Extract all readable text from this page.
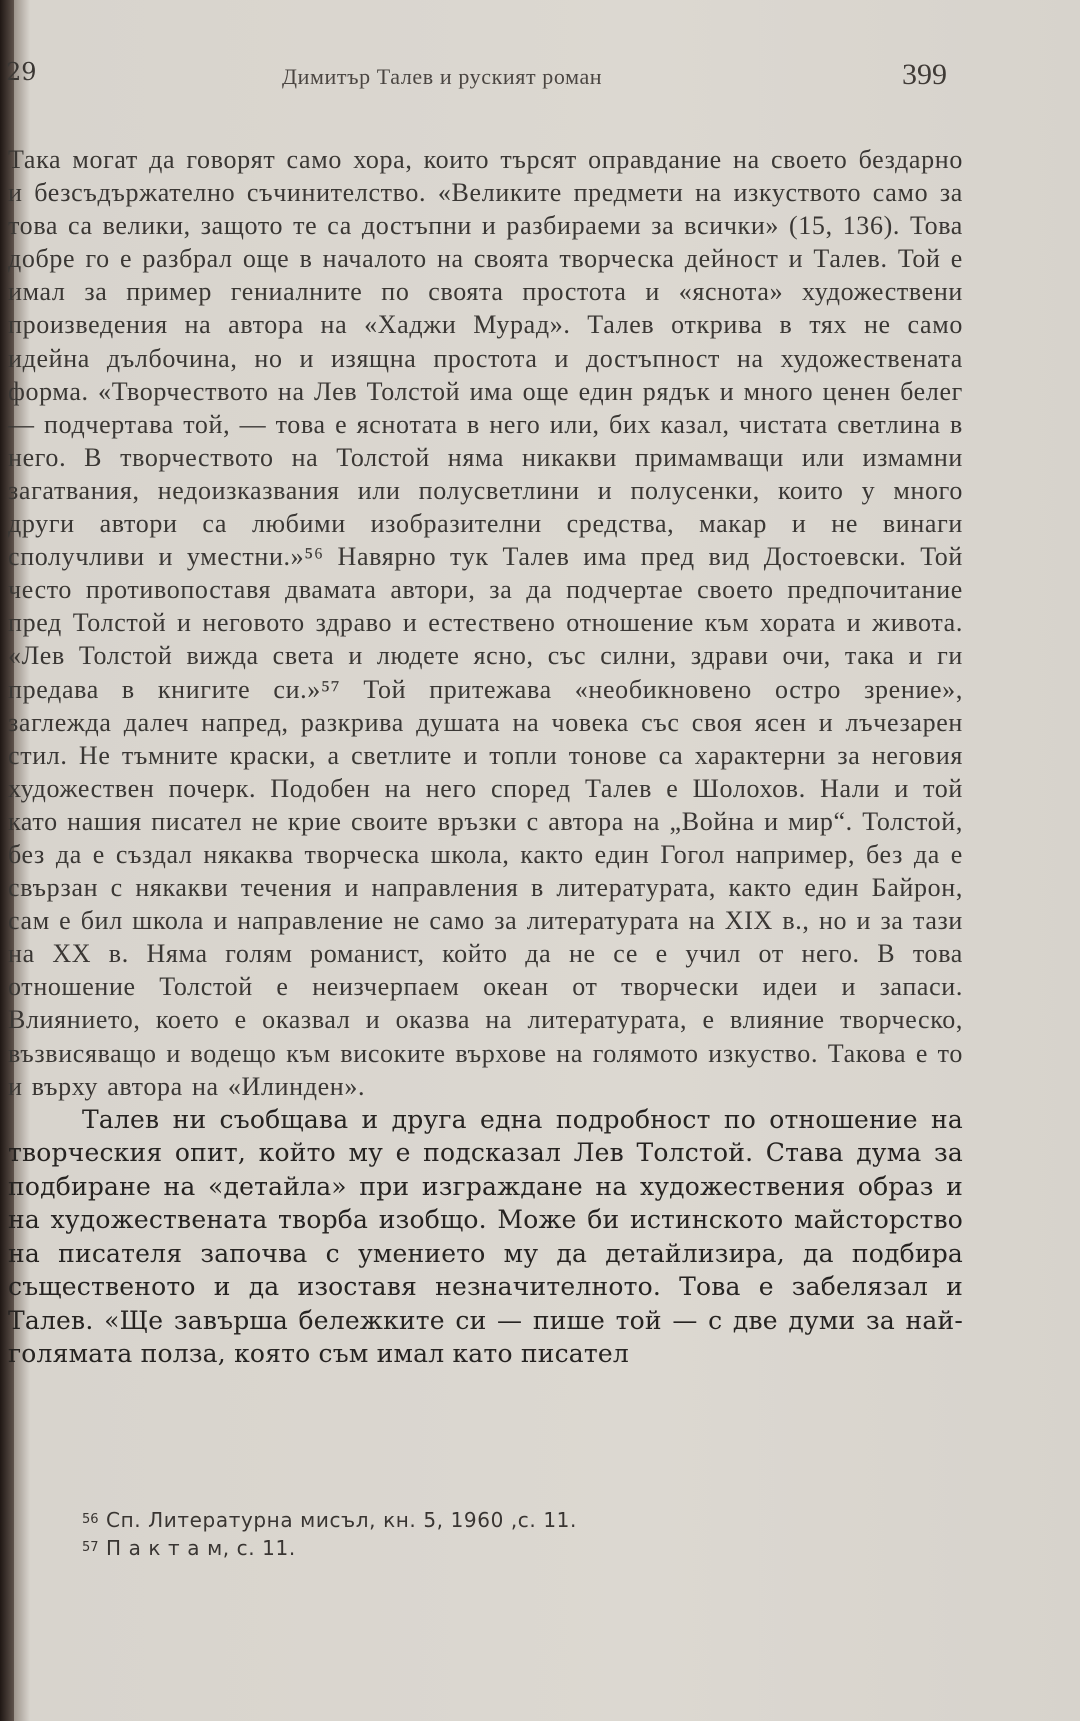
29	Димитър Талев и руският роман	399

Така могат да говорят само хора, които търсят оправдание на своето бездарно и безсъдържателно съчинителство. «Великите предмети на изкуството само за това са велики, защото те са достъпни и разбираеми за всички» (15, 136). Това добре го е разбрал още в началото на своята творческа дейност и Талев. Той е имал за пример гениалните по своята простота и «яснота» художествени произведения на автора на «Хаджи Мурад». Талев открива в тях не само идейна дълбочина, но и изящна простота и достъпност на художествената форма. «Творчеството на Лев Толстой има още един рядък и много ценен белег — подчертава той, — това е яснотата в него или, бих казал, чистата светлина в него. В творчеството на Толстой няма никакви примамващи или измамни загатвания, недоизказвания или полусветлини и полусенки, които у много други автори са любими изобразителни средства, макар и не винаги сполучливи и уместни.»⁵⁶ Навярно тук Талев има пред вид Достоевски. Той често противопоставя двамата автори, за да подчертае своето предпочитание пред Толстой и неговото здраво и естествено отношение към хората и живота. «Лев Толстой вижда света и людете ясно, със силни, здрави очи, така и ги предава в книгите си.»⁵⁷ Той притежава «необикновено остро зрение», заглежда далеч напред, разкрива душата на човека със своя ясен и лъчезарен стил. Не тъмните краски, а светлите и топли тонове са характерни за неговия художествен почерк. Подобен на него според Талев е Шолохов. Нали и той като нашия писател не крие своите връзки с автора на „Война и мир“. Толстой, без да е създал някаква творческа школа, както един Гогол например, без да е свързан с някакви течения и направления в литературата, както един Байрон, сам е бил школа и направление не само за литературата на XIX в., но и за тази на XX в. Няма голям романист, който да не се е учил от него. В това отношение Толстой е неизчерпаем океан от творчески идеи и запаси. Влиянието, което е оказвал и оказва на литературата, е влияние творческо, възвисяващо и водещо към високите върхове на голямото изкуство. Такова е то и върху автора на «Илинден».

Талев ни съобщава и друга една подробност по отношение на творческия опит, който му е подсказал Лев Толстой. Става дума за подбиране на «детайла» при изграждане на художествения образ и на художествената творба изобщо. Може би истинското майсторство на писателя започва с умението му да детайлизира, да подбира същественото и да изоставя незначителното. Това е забелязал и Талев. «Ще завърша бележките си — пише той — с две думи за най-голямата полза, която съм имал като писател

56 Сп. Литературна мисъл, кн. 5, 1960 ,с. 11.
57 П а к т а м, с. 11.
